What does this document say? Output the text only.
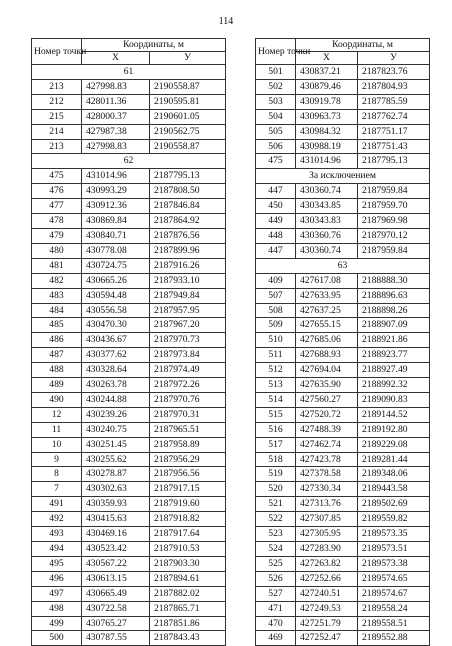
114
Номер точки	Координаты, м	
	X	У
61		
213	427998.83	2190558.87
212	428011.36	2190595.81
215	428000.37	2190601.05
214	427987.38	2190562.75
213	427998.83	2190558.87
62		
475	431014.96	2187795.13
476	430993.29	2187808.50
477	430912.36	2187846.84
478	430869.84	2187864.92
479	430840.71	2187876.56
480	430778.08	2187899.96
481	430724.75	2187916.26
482	430665.26	2187933.10
483	430594.48	2187949.84
484	430556.58	2187957.95
485	430470.30	2187967.20
486	430436.67	2187970.73
487	430377.62	2187973.84
488	430328.64	2187974.49
489	430263.78	2187972.26
490	430244.88	2187970.76
12	430239.26	2187970.31
11	430240.75	2187965.51
10	430251.45	2187958.89
9	430255.62	2187956.29
8	430278.87	2187956.56
7	430302.63	2187917.15
491	430359.93	2187919.60
492	430415.63	2187918.82
493	430469.16	2187917.64
494	430523.42	2187910.53
495	430567.22	2187903.30
496	430613.15	2187894.61
497	430665.49	2187882.02
498	430722.58	2187865.71
499	430765.27	2187851.86
500	430787.55	2187843.43
Номер точки	Координаты, м	
	X	У
501	430837.21	2187823.76
502	430879.46	2187804.93
503	430919.78	2187785.59
504	430963.73	2187762.74
505	430984.32	2187751.17
506	430988.19	2187751.43
475	431014.96	2187795.13
За исключением		
447	430360.74	2187959.84
450	430343.85	2187959.70
449	430343.83	2187969.98
448	430360.76	2187970.12
447	430360.74	2187959.84
63		
409	427617.08	2188888.30
507	427633.95	2188896.63
508	427637.25	2188898.26
509	427655.15	2188907.09
510	427685.06	2188921.86
511	427688.93	2188923.77
512	427694.04	2188927.49
513	427635.90	2188992.32
514	427560.27	2189090.83
515	427520.72	2189144.52
516	427488.39	2189192.80
517	427462.74	2189229.08
518	427423.78	2189281.44
519	427378.58	2189348.06
520	427330.34	2189443.58
521	427313.76	2189502.69
522	427307.85	2189559.82
523	427305.95	2189573.35
524	427283.90	2189573.51
525	427263.82	2189573.38
526	427252.66	2189574.65
527	427240.51	2189574.67
471	427249.53	2189558.24
470	427251.79	2189558.51
469	427252.47	2189552.88
